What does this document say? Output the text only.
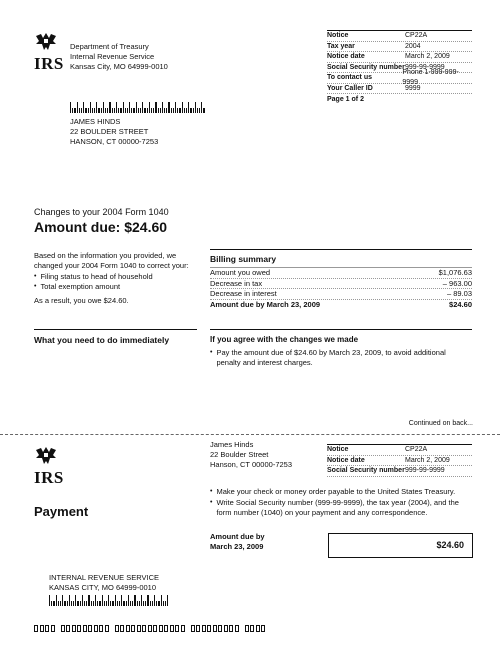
IRS
Department of Treasury
Internal Revenue Service
Kansas City, MO 64999-0010
Notice	CP22A
Tax year	2004
Notice date	March 2, 2009
Social Security number 999-99-9999
To contact us
Phone 1-999-999-9999
Your Caller ID	9999
Page 1 of 2
JAMES HINDS
22 BOULDER STREET
HANSON, CT 00000-7253
Changes to your 2004 Form 1040
Amount due: $24.60
Based on the information you provided, we changed your 2004 Form 1040 to correct your:
• Filing status to head of household
• Total exemption amount
As a result, you owe $24.60.
Billing summary
Amount you owed	$1,076.63
Decrease in tax	– 963.00
Decrease in interest	– 89.03
Amount due by March 23, 2009	$24.60
What you need to do immediately	If you agree with the changes we made
• Pay the amount due of $24.60 by March 23, 2009, to avoid additional penalty and interest charges.
Continued on back...
IRS
Payment
James Hinds
22 Boulder Street
Hanson, CT 00000-7253
Notice	CP22A
Notice date	March 2, 2009
Social Security number 999-99-9999
• Make your check or money order payable to the United States Treasury.
• Write Social Security number (999-99-9999), the tax year (2004), and the form number (1040) on your payment and any correspondence.
Amount due by
March 23, 2009	$24.60
INTERNAL REVENUE SERVICE
KANSAS CITY, MO 64999-0010
